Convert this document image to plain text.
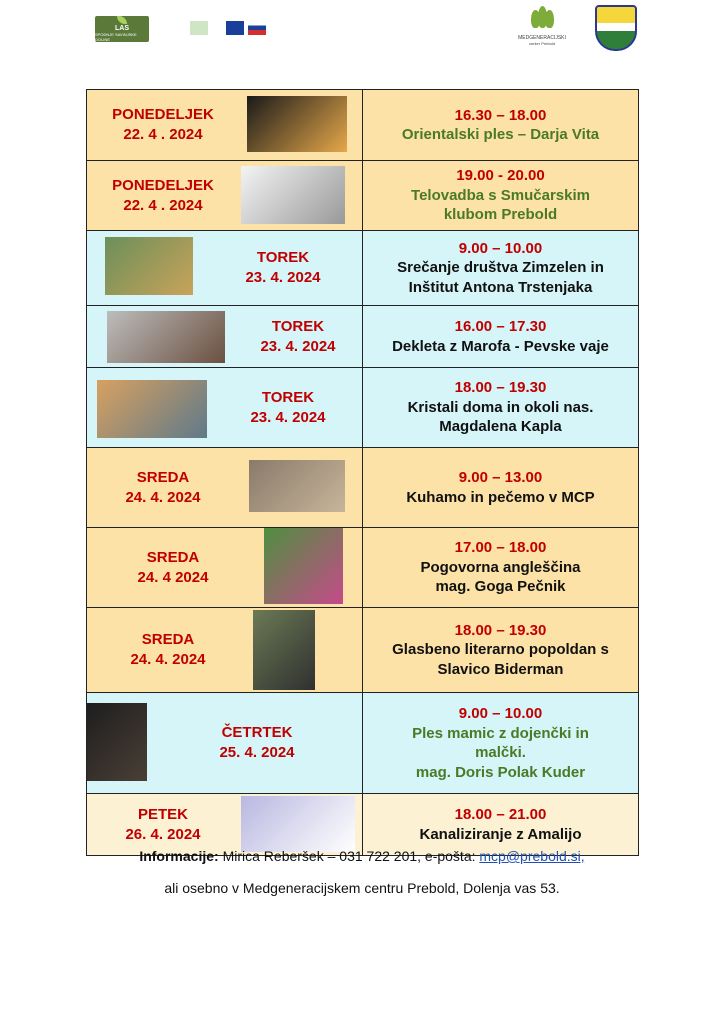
LAS
SPODNJE SAVINJSKE DOLINE	MEDGENERACIJSKI
center Prebold
PONEDELJEK
22. 4 . 2024	16.30 – 18.00
Orientalski ples – Darja Vita

PONEDELJEK
22. 4 . 2024	19.00 - 20.00
Telovadba s Smučarskim
klubom Prebold

TOREK
23. 4. 2024	9.00 – 10.00
Srečanje društva Zimzelen in
Inštitut Antona Trstenjaka

TOREK
23. 4. 2024	16.00 – 17.30
Dekleta z Marofa - Pevske vaje

TOREK
23. 4. 2024	18.00 – 19.30
Kristali doma in okoli nas.
Magdalena Kapla

SREDA
24. 4. 2024	9.00 – 13.00
Kuhamo in pečemo v MCP

SREDA
24. 4 2024	17.00 – 18.00
Pogovorna angleščina
mag. Goga Pečnik

SREDA
24. 4. 2024	18.00 – 19.30
Glasbeno literarno popoldan s
Slavico Biderman

ČETRTEK
25. 4. 2024	9.00 – 10.00
Ples mamic z dojenčki in
malčki.
mag. Doris Polak Kuder

PETEK
26. 4. 2024	18.00 – 21.00
Kanaliziranje z Amalijo
Informacije: Mirica Reberšek – 031 722 201, e-pošta: mcp@prebold.si,
ali osebno v Medgeneracijskem centru Prebold, Dolenja vas 53.
